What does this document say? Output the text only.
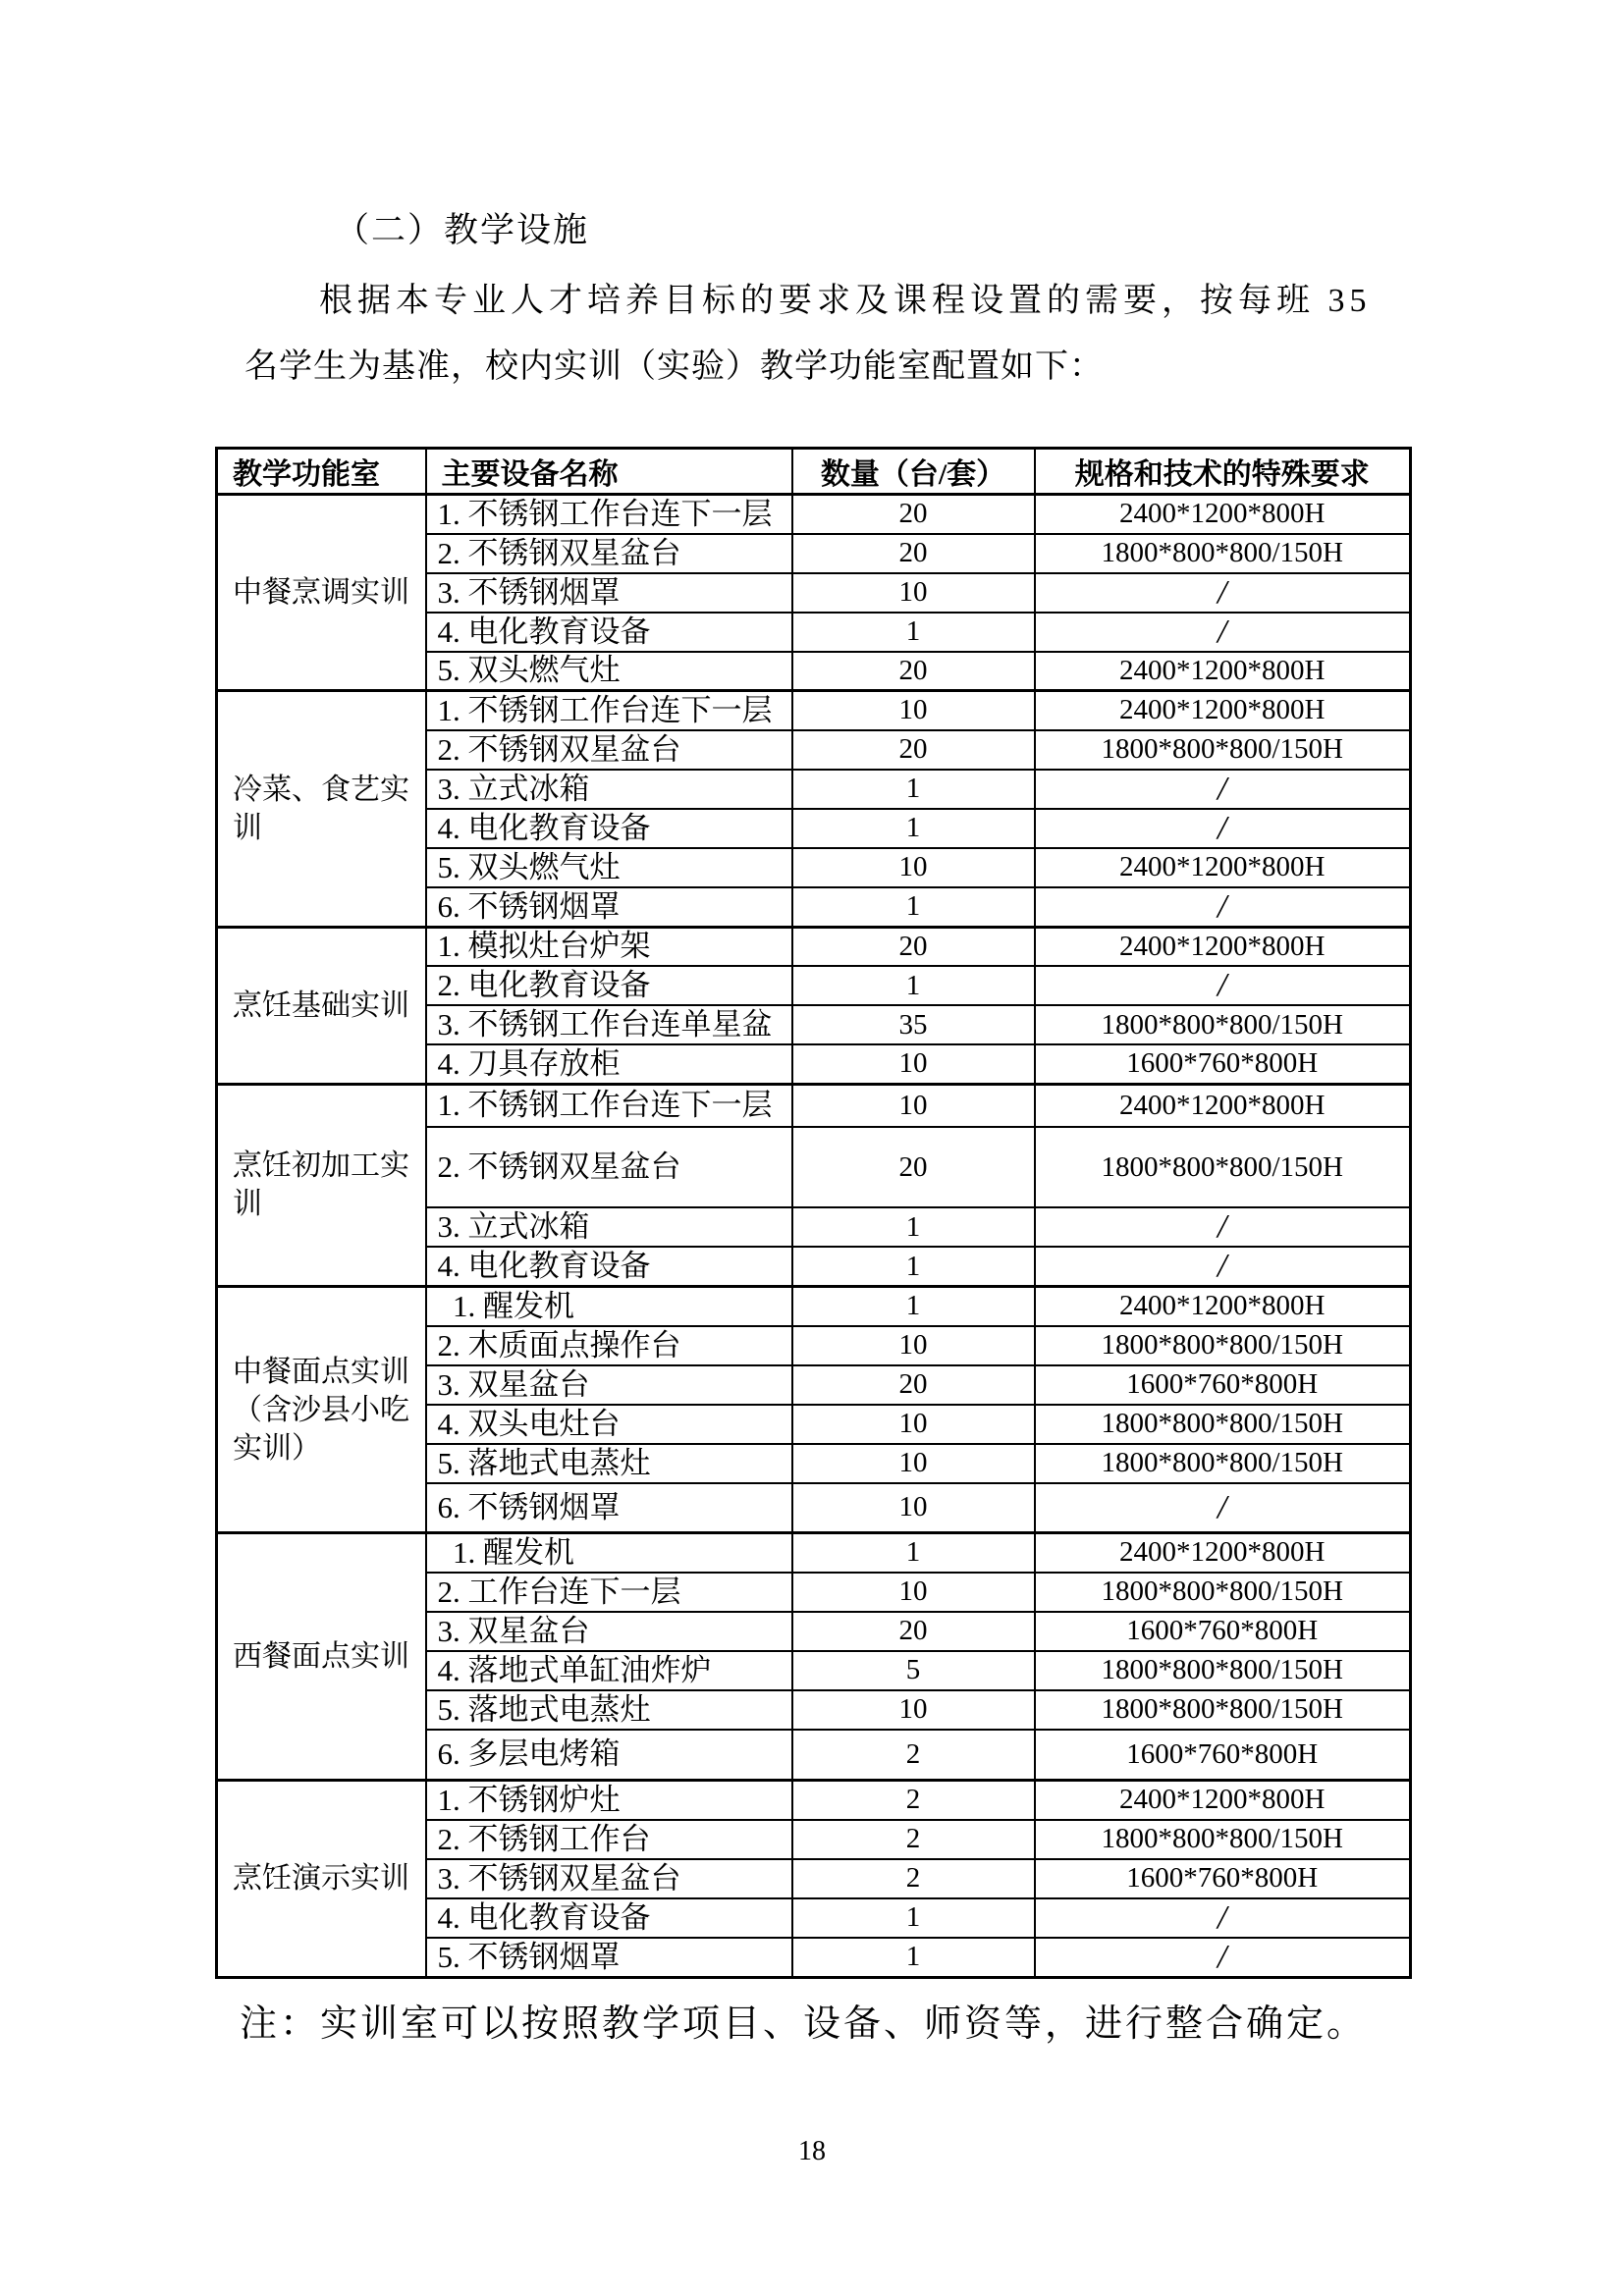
（二）教学设施
根据本专业人才培养目标的要求及课程设置的需要，按每班 35
名学生为基准，校内实训（实验）教学功能室配置如下：
教学功能室	主要设备名称	数量（台/套）	规格和技术的特殊要求
中餐烹调实训	1. 不锈钢工作台连下一层	20	2400*1200*800H
	2. 不锈钢双星盆台	20	1800*800*800/150H
	3. 不锈钢烟罩	10	/
	4. 电化教育设备	1	/
	5. 双头燃气灶	20	2400*1200*800H
冷菜、食艺实训	1. 不锈钢工作台连下一层	10	2400*1200*800H
	2. 不锈钢双星盆台	20	1800*800*800/150H
	3. 立式冰箱	1	/
	4. 电化教育设备	1	/
	5. 双头燃气灶	10	2400*1200*800H
	6. 不锈钢烟罩	1	/
烹饪基础实训	1. 模拟灶台炉架	20	2400*1200*800H
	2. 电化教育设备	1	/
	3. 不锈钢工作台连单星盆	35	1800*800*800/150H
	4. 刀具存放柜	10	1600*760*800H
烹饪初加工实训	1. 不锈钢工作台连下一层	10	2400*1200*800H
	2. 不锈钢双星盆台	20	1800*800*800/150H
	3. 立式冰箱	1	/
	4. 电化教育设备	1	/
中餐面点实训（含沙县小吃实训）	 1. 醒发机	1	2400*1200*800H
	2. 木质面点操作台	10	1800*800*800/150H
	3. 双星盆台	20	1600*760*800H
	4. 双头电灶台	10	1800*800*800/150H
	5. 落地式电蒸灶	10	1800*800*800/150H
	6. 不锈钢烟罩	10	/
西餐面点实训	 1. 醒发机	1	2400*1200*800H
	2. 工作台连下一层	10	1800*800*800/150H
	3. 双星盆台	20	1600*760*800H
	4. 落地式单缸油炸炉	5	1800*800*800/150H
	5. 落地式电蒸灶	10	1800*800*800/150H
	6. 多层电烤箱	2	1600*760*800H
烹饪演示实训	1. 不锈钢炉灶	2	2400*1200*800H
	2. 不锈钢工作台	2	1800*800*800/150H
	3. 不锈钢双星盆台	2	1600*760*800H
	4. 电化教育设备	1	/
	5. 不锈钢烟罩	1	/
注：实训室可以按照教学项目、设备、师资等，进行整合确定。
18
